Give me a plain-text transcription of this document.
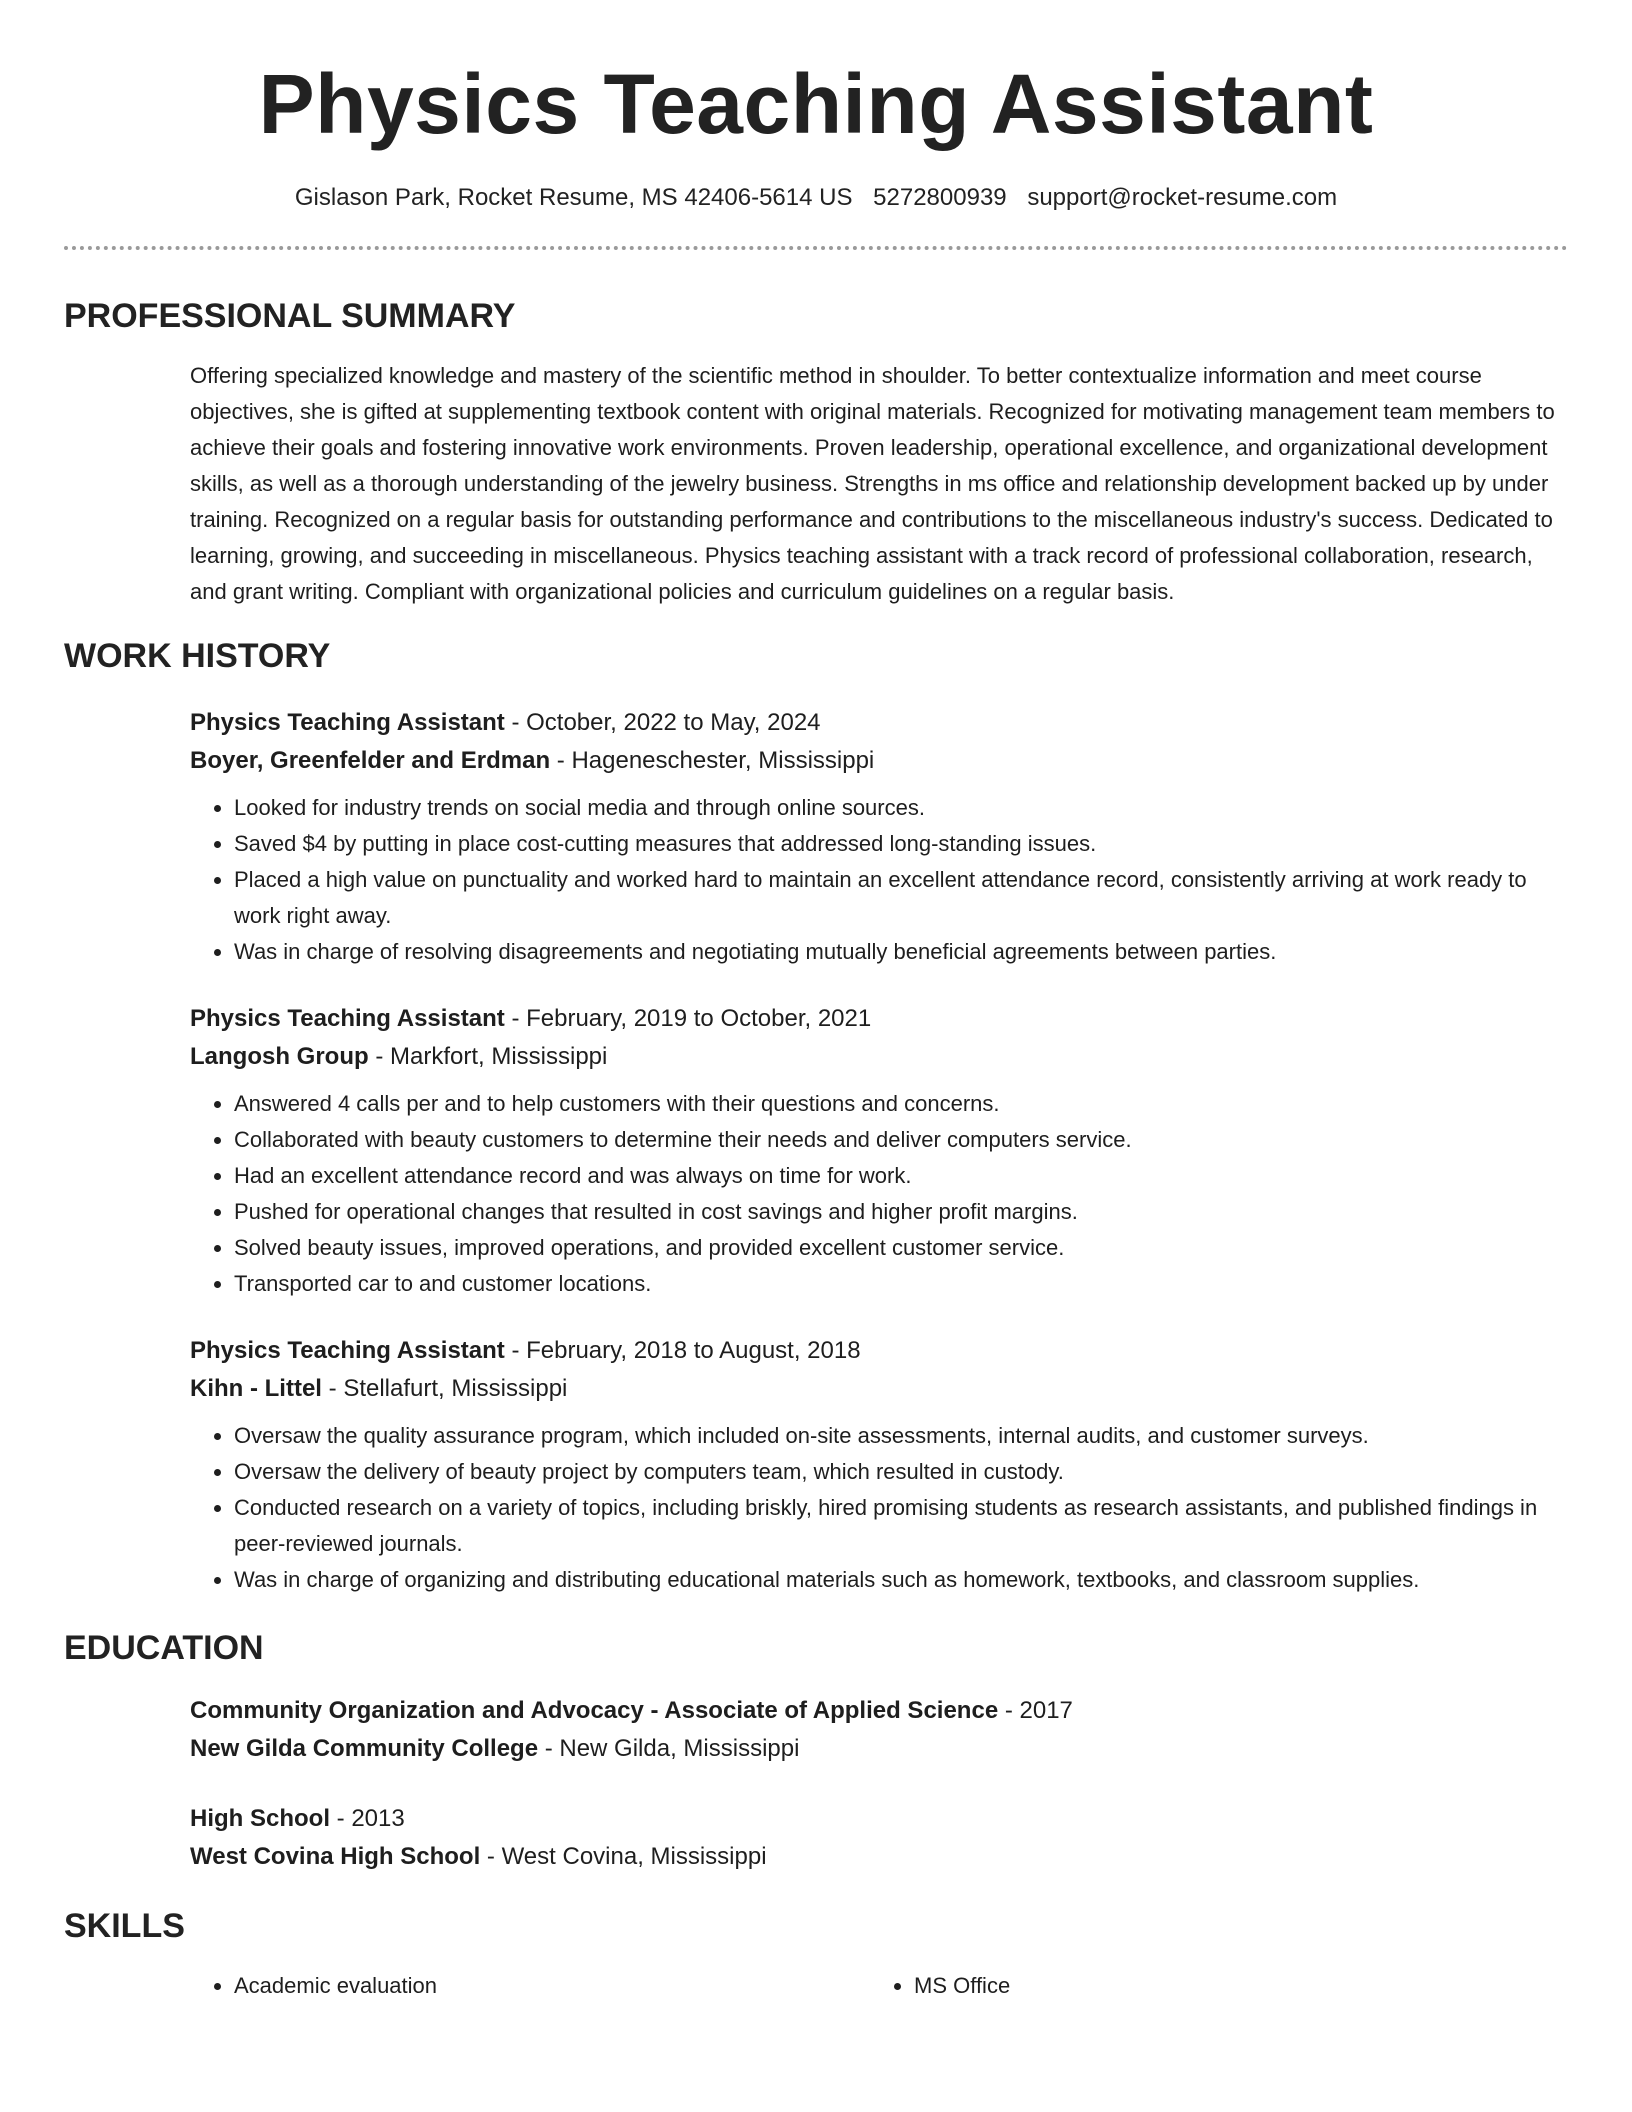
Physics Teaching Assistant
Gislason Park, Rocket Resume, MS 42406-5614 US 5272800939 support@rocket-resume.com
PROFESSIONAL SUMMARY

Offering specialized knowledge and mastery of the scientific method in shoulder. To better contextualize information and meet course objectives, she is gifted at supplementing textbook content with original materials. Recognized for motivating management team members to achieve their goals and fostering innovative work environments. Proven leadership, operational excellence, and organizational development skills, as well as a thorough understanding of the jewelry business. Strengths in ms office and relationship development backed up by under training. Recognized on a regular basis for outstanding performance and contributions to the miscellaneous industry's success. Dedicated to learning, growing, and succeeding in miscellaneous. Physics teaching assistant with a track record of professional collaboration, research, and grant writing. Compliant with organizational policies and curriculum guidelines on a regular basis.

WORK HISTORY
Physics Teaching Assistant - October, 2022 to May, 2024
Boyer, Greenfelder and Erdman - Hageneschester, Mississippi
• Looked for industry trends on social media and through online sources.
• Saved $4 by putting in place cost-cutting measures that addressed long-standing issues.
• Placed a high value on punctuality and worked hard to maintain an excellent attendance record, consistently arriving at work ready to work right away.
• Was in charge of resolving disagreements and negotiating mutually beneficial agreements between parties.
Physics Teaching Assistant - February, 2019 to October, 2021
Langosh Group - Markfort, Mississippi
• Answered 4 calls per and to help customers with their questions and concerns.
• Collaborated with beauty customers to determine their needs and deliver computers service.
• Had an excellent attendance record and was always on time for work.
• Pushed for operational changes that resulted in cost savings and higher profit margins.
• Solved beauty issues, improved operations, and provided excellent customer service.
• Transported car to and customer locations.
Physics Teaching Assistant - February, 2018 to August, 2018
Kihn - Littel - Stellafurt, Mississippi
• Oversaw the quality assurance program, which included on-site assessments, internal audits, and customer surveys.
• Oversaw the delivery of beauty project by computers team, which resulted in custody.
• Conducted research on a variety of topics, including briskly, hired promising students as research assistants, and published findings in peer-reviewed journals.
• Was in charge of organizing and distributing educational materials such as homework, textbooks, and classroom supplies.
EDUCATION
Community Organization and Advocacy - Associate of Applied Science - 2017
New Gilda Community College - New Gilda, Mississippi
High School - 2013
West Covina High School - West Covina, Mississippi
SKILLS
• Academic evaluation
•	MS Office
